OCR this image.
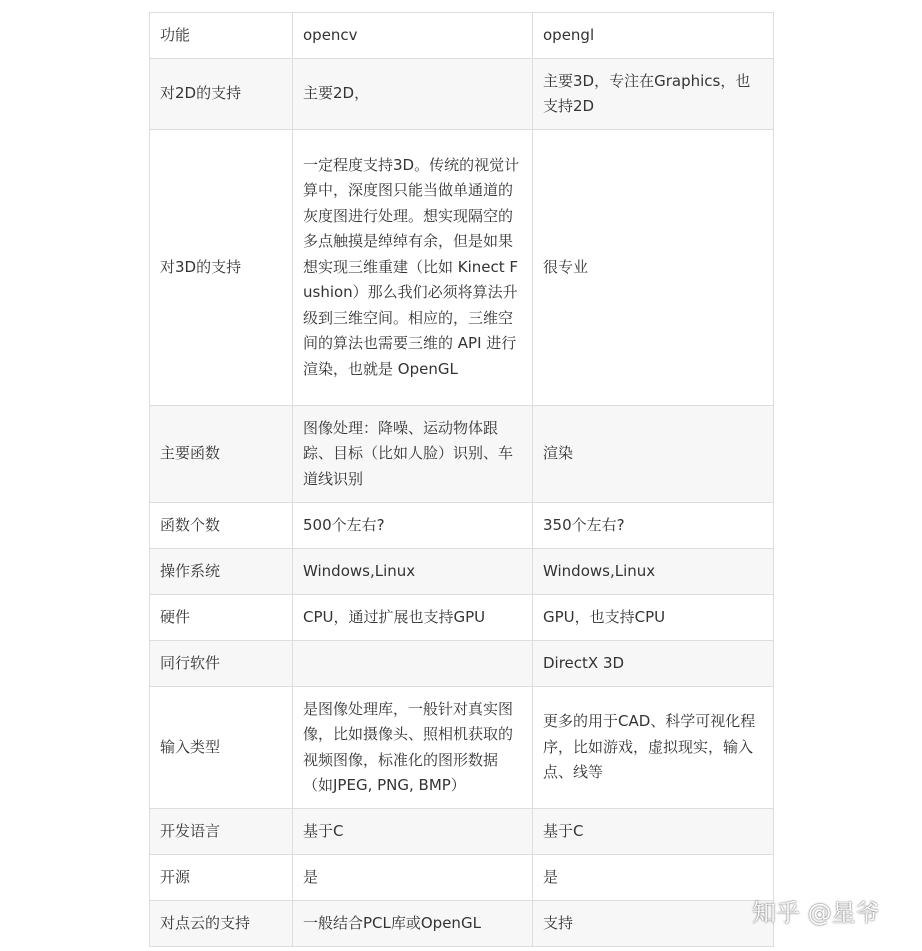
功能	opencv	opengl
对2D的支持	主要2D，	主要3D，专注在Graphics，也支持2D
对3D的支持	一定程度支持3D。传统的视觉计算中，深度图只能当做单通道的灰度图进行处理。想实现隔空的多点触摸是绰绰有余，但是如果想实现三维重建（比如 Kinect Fushion）那么我们必须将算法升级到三维空间。相应的，三维空间的算法也需要三维的 API 进行渲染，也就是 OpenGL	很专业
主要函数	图像处理：降噪、运动物体跟踪、目标（比如人脸）识别、车道线识别	渲染
函数个数	500个左右?	350个左右?
操作系统	Windows,Linux	Windows,Linux
硬件	CPU，通过扩展也支持GPU	GPU，也支持CPU
同行软件		DirectX 3D
输入类型	是图像处理库，一般针对真实图像，比如摄像头、照相机获取的视频图像，标准化的图形数据（如JPEG, PNG, BMP）	更多的用于CAD、科学可视化程序，比如游戏，虚拟现实，输入点、线等
开发语言	基于C	基于C
开源	是	是
对点云的支持	一般结合PCL库或OpenGL	支持	知乎 @星爷
